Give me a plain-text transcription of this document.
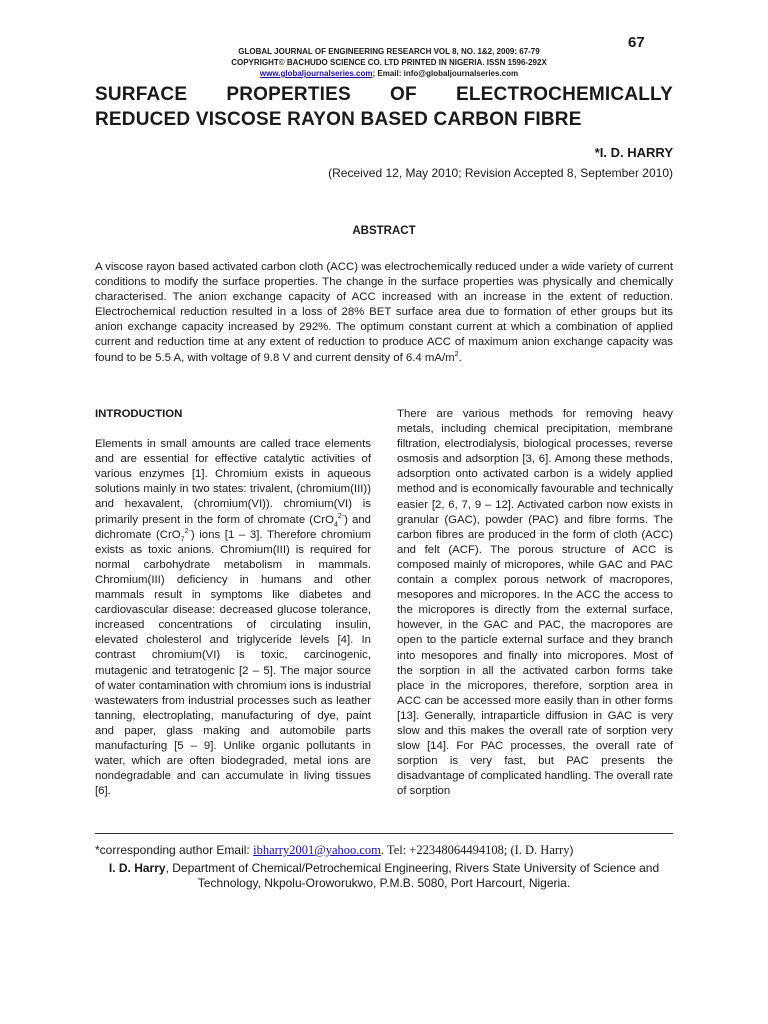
67
GLOBAL JOURNAL OF ENGINEERING RESEARCH VOL 8, NO. 1&2, 2009: 67-79
COPYRIGHT© BACHUDO SCIENCE CO. LTD PRINTED IN NIGERIA. ISSN 1596-292X
www.globaljournalseries.com; Email: info@globaljournalseries.com
SURFACE PROPERTIES OF ELECTROCHEMICALLY
REDUCED VISCOSE RAYON BASED CARBON FIBRE
*I. D. HARRY
(Received 12, May 2010; Revision Accepted 8, September 2010)
ABSTRACT
A viscose rayon based activated carbon cloth (ACC) was electrochemically reduced under a wide variety of current conditions to modify the surface properties. The change in the surface properties was physically and chemically characterised. The anion exchange capacity of ACC increased with an increase in the extent of reduction. Electrochemical reduction resulted in a loss of 28% BET surface area due to formation of ether groups but its anion exchange capacity increased by 292%. The optimum constant current at which a combination of applied current and reduction time at any extent of reduction to produce ACC of maximum anion exchange capacity was found to be 5.5 A, with voltage of 9.8 V and current density of 6.4 $mA/m^2$.
INTRODUCTION

Elements in small amounts are called trace elements and are essential for effective catalytic activities of various enzymes [1]. Chromium exists in aqueous solutions mainly in two states: trivalent, (chromium(III)) and hexavalent, (chromium(VI)). chromium(VI) is primarily present in the form of chromate (CrO$_4^{2-}$) and dichromate (CrO$_7^{2-}$) ions [1 – 3]. Therefore chromium exists as toxic anions. Chromium(III) is required for normal carbohydrate metabolism in mammals. Chromium(III) deficiency in humans and other mammals result in symptoms like diabetes and cardiovascular disease: decreased glucose tolerance, increased concentrations of circulating insulin, elevated cholesterol and triglyceride levels [4]. In contrast chromium(VI) is toxic, carcinogenic, mutagenic and tetratogenic [2 – 5]. The major source of water contamination with chromium ions is industrial wastewaters from industrial processes such as leather tanning, electroplating, manufacturing of dye, paint and paper, glass making and automobile parts manufacturing [5 – 9]. Unlike organic pollutants in water, which are often biodegraded, metal ions are nondegradable and can accumulate in living tissues [6].

There are various methods for removing heavy metals, including chemical precipitation, membrane filtration, electrodialysis, biological processes, reverse osmosis and adsorption [3, 6]. Among these methods, adsorption onto activated carbon is a widely applied method and is economically favourable and technically easier [2, 6, 7, 9 – 12]. Activated carbon now exists in granular (GAC), powder (PAC) and fibre forms. The carbon fibres are produced in the form of cloth (ACC) and felt (ACF). The porous structure of ACC is composed mainly of micropores, while GAC and PAC contain a complex porous network of macropores, mesopores and micropores. In the ACC the access to the micropores is directly from the external surface, however, in the GAC and PAC, the macropores are open to the particle external surface and they branch into mesopores and finally into micropores. Most of the sorption in all the activated carbon forms take place in the micropores, therefore, sorption area in ACC can be accessed more easily than in other forms [13]. Generally, intraparticle diffusion in GAC is very slow and this makes the overall rate of sorption very slow [14]. For PAC processes, the overall rate of sorption is very fast, but PAC presents the disadvantage of complicated handling. The overall rate of sorption

*corresponding author Email: ibharry2001@yahoo.com. Tel: +22348064494108; (I. D. Harry)
I. D. Harry, Department of Chemical/Petrochemical Engineering, Rivers State University of Science and Technology, Nkpolu-Oroworukwo, P.M.B. 5080, Port Harcourt, Nigeria.
